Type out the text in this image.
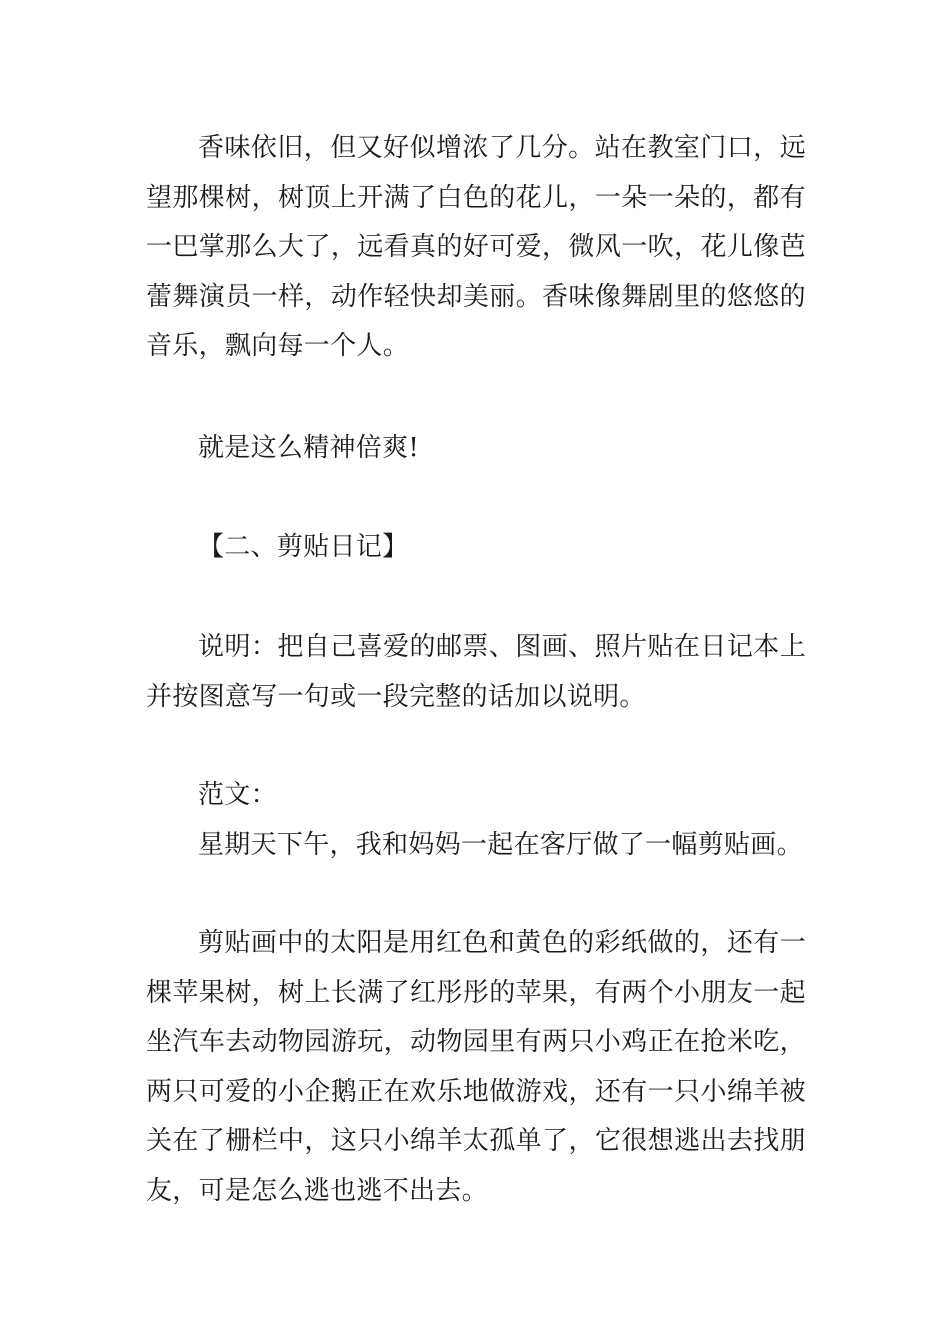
香味依旧，但又好似增浓了几分。站在教室门口，远望那棵树，树顶上开满了白色的花儿，一朵一朵的，都有一巴掌那么大了，远看真的好可爱，微风一吹，花儿像芭蕾舞演员一样，动作轻快却美丽。香味像舞剧里的悠悠的音乐，飘向每一个人。

就是这么精神倍爽!

【二、剪贴日记】

说明：把自己喜爱的邮票、图画、照片贴在日记本上并按图意写一句或一段完整的话加以说明。

范文：

星期天下午，我和妈妈一起在客厅做了一幅剪贴画。

剪贴画中的太阳是用红色和黄色的彩纸做的，还有一棵苹果树，树上长满了红彤彤的苹果，有两个小朋友一起坐汽车去动物园游玩，动物园里有两只小鸡正在抢米吃，两只可爱的小企鹅正在欢乐地做游戏，还有一只小绵羊被关在了栅栏中，这只小绵羊太孤单了，它很想逃出去找朋友，可是怎么逃也逃不出去。
